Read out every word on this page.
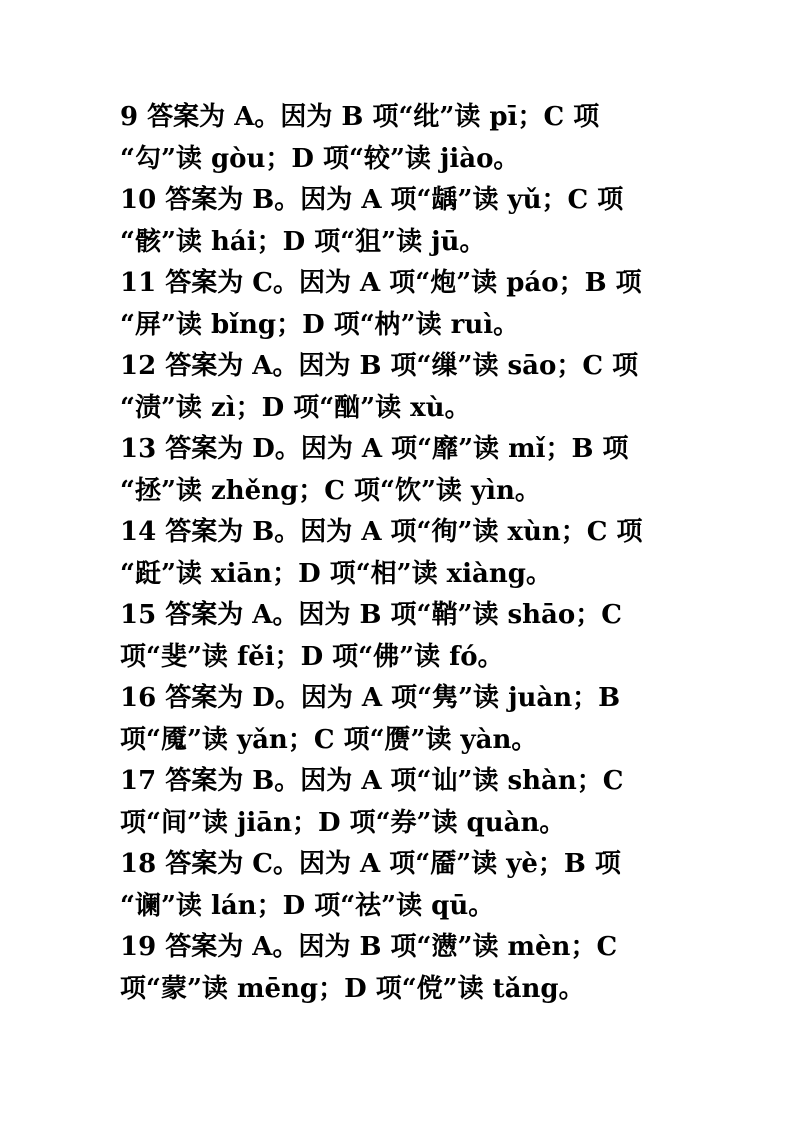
9 答案为 A。因为 B 项“纰”读 pī；C 项
“勾”读 gòu；D 项“较”读 jiào。
10 答案为 B。因为 A 项“龋”读 yǔ；C 项
“骸”读 hái；D 项“狙”读 jū。
11 答案为 C。因为 A 项“炮”读 páo；B 项
“屏”读 bǐng；D 项“枘”读 ruì。
12 答案为 A。因为 B 项“缫”读 sāo；C 项
“渍”读 zì；D 项“酗”读 xù。
13 答案为 D。因为 A 项“靡”读 mǐ；B 项
“拯”读 zhěng；C 项“饮”读 yìn。
14 答案为 B。因为 A 项“徇”读 xùn；C 项
“跹”读 xiān；D 项“相”读 xiàng。
15 答案为 A。因为 B 项“鞘”读 shāo；C
项“斐”读 fěi；D 项“佛”读 fó。
16 答案为 D。因为 A 项“隽”读 juàn；B
项“魇”读 yǎn；C 项“赝”读 yàn。
17 答案为 B。因为 A 项“讪”读 shàn；C
项“间”读 jiān；D 项“券”读 quàn。
18 答案为 C。因为 A 项“靥”读 yè；B 项
“谰”读 lán；D 项“祛”读 qū。
19 答案为 A。因为 B 项“懑”读 mèn；C
项“蒙”读 mēng；D 项“傥”读 tǎng。
